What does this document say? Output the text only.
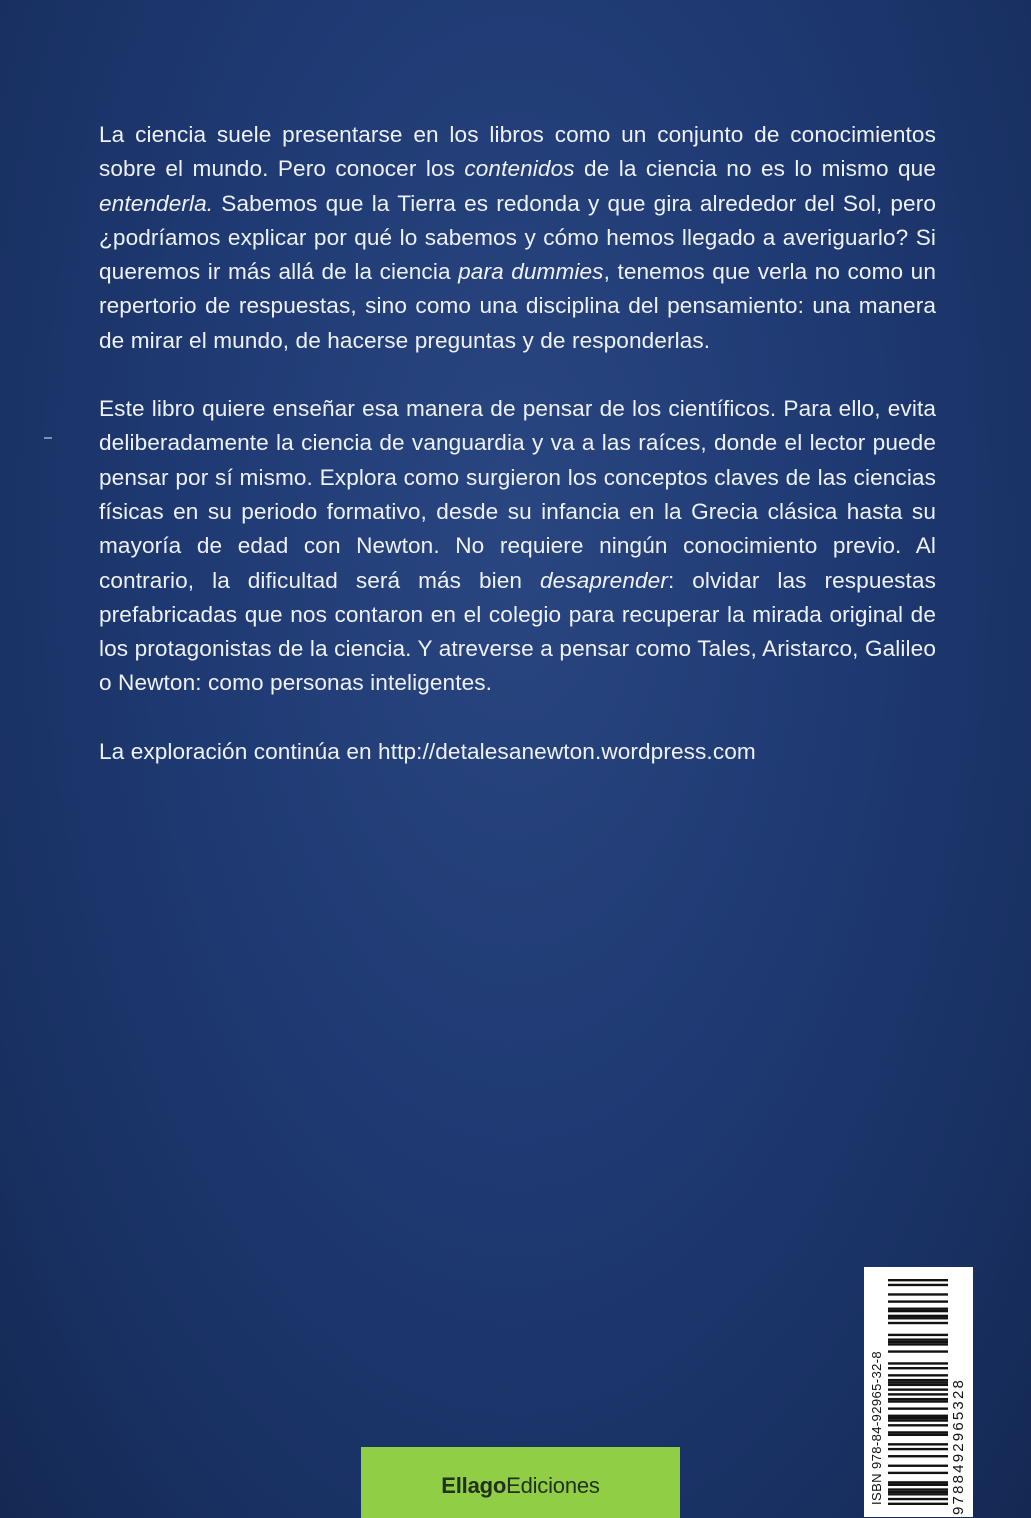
La ciencia suele presentarse en los libros como un conjunto de conocimientos sobre el mundo. Pero conocer los contenidos de la ciencia no es lo mismo que entenderla. Sabemos que la Tierra es redonda y que gira alrededor del Sol, pero ¿podríamos explicar por qué lo sabemos y cómo hemos llegado a averiguarlo? Si queremos ir más allá de la ciencia para dummies, tenemos que verla no como un repertorio de respuestas, sino como una disciplina del pensamiento: una manera de mirar el mundo, de hacerse preguntas y de responderlas.

Este libro quiere enseñar esa manera de pensar de los científicos. Para ello, evita deliberadamente la ciencia de vanguardia y va a las raíces, donde el lector puede pensar por sí mismo. Explora como surgieron los conceptos claves de las ciencias físicas en su periodo formativo, desde su infancia en la Grecia clásica hasta su mayoría de edad con Newton. No requiere ningún conocimiento previo. Al contrario, la dificultad será más bien desaprender: olvidar las respuestas prefabricadas que nos contaron en el colegio para recuperar la mirada original de los protagonistas de la ciencia. Y atreverse a pensar como Tales, Aristarco, Galileo o Newton: como personas inteligentes.

La exploración continúa en http://detalesanewton.wordpress.com

ISBN 978-84-92965-32-8	9788492965328
EllagoEdiciones
